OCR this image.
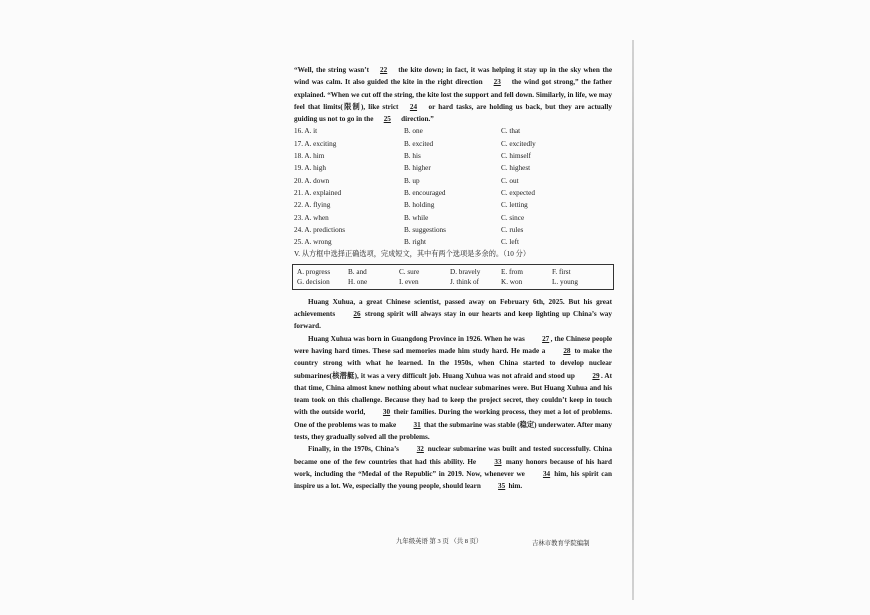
“Well, the string wasn’t 22 the kite down; in fact, it was helping it stay up in the sky when the wind was calm. It also guided the kite in the right direction 23 the wind got strong,” the father explained. “When we cut off the string, the kite lost the support and fell down. Similarly, in life, we may feel that limits(限制), like strict 24 or hard tasks, are holding us back, but they are actually guiding us not to go in the 25 direction.”

16. A. it	B. one	C. that
17. A. exciting	B. excited	C. excitedly
18. A. him	B. his	C. himself
19. A. high	B. higher	C. highest
20. A. down	B. up	C. out
21. A. explained	B. encouraged	C. expected
22. A. flying	B. holding	C. letting
23. A. when	B. while	C. since
24. A. predictions	B. suggestions	C. rules
25. A. wrong	B. right	C. left

V. 从方框中选择正确选项，完成短文，其中有两个选项是多余的。（10 分）

A. progress	B. and	C. sure	D. bravely	E. from	F. first
G. decision	H. one	I. even	J. think of	K. won	L. young

Huang Xuhua, a great Chinese scientist, passed away on February 6th, 2025. But his great achievements	26 strong spirit will always stay in our hearts and keep lighting up China’s way forward.

Huang Xuhua was born in Guangdong Province in 1926. When he was 27, the Chinese people were having hard times. These sad memories made him study hard. He made a	28 to make the country strong with what he learned. In the 1950s, when China started to develop nuclear submarines(核潜艇), it was a very difficult job. Huang Xuhua was not afraid and stood up 29. At that time, China almost knew nothing about what nuclear submarines were. But Huang Xuhua and his team took on this challenge. Because they had to keep the project secret, they couldn’t keep in touch with the outside world, 30 their families. During the working process, they met a lot of problems. One of the problems was to make 31 that the submarine was stable (稳定) underwater. After many tests, they gradually solved all the problems.

Finally, in the 1970s, China’s 32 nuclear submarine was built and tested successfully. China became one of the few countries that had this ability. He	33 many honors because of his hard work, including the “Medal of the Republic” in 2019. Now, whenever we	34 him, his spirit can inspire us a lot. We, especially the young people, should learn 35 him.

九年级英语 第 3 页 （共 8 页）	吉林市教育学院编制
